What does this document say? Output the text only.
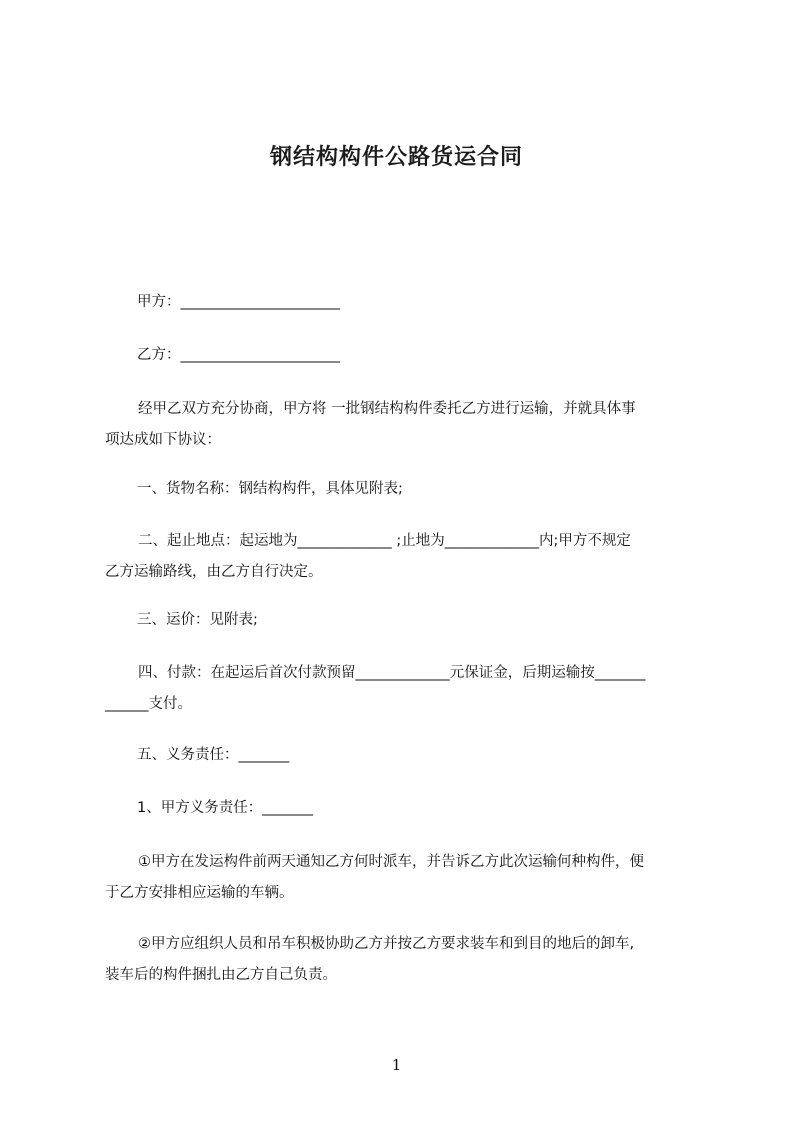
钢结构构件公路货运合同
甲方：______________________
乙方：______________________
经甲乙双方充分协商，甲方将 一批钢结构构件委托乙方进行运输，并就具体事
项达成如下协议：
一、货物名称：钢结构构件，具体见附表;
二、起止地点：起运地为_____________ ;止地为_____________内;甲方不规定
乙方运输路线，由乙方自行决定。
三、运价：见附表;
四、付款：在起运后首次付款预留_____________元保证金，后期运输按_______
______支付。
五、义务责任：_______
1、甲方义务责任：_______
①甲方在发运构件前两天通知乙方何时派车，并告诉乙方此次运输何种构件，便
于乙方安排相应运输的车辆。
②甲方应组织人员和吊车积极协助乙方并按乙方要求装车和到目的地后的卸车,
装车后的构件捆扎由乙方自己负责。
1
